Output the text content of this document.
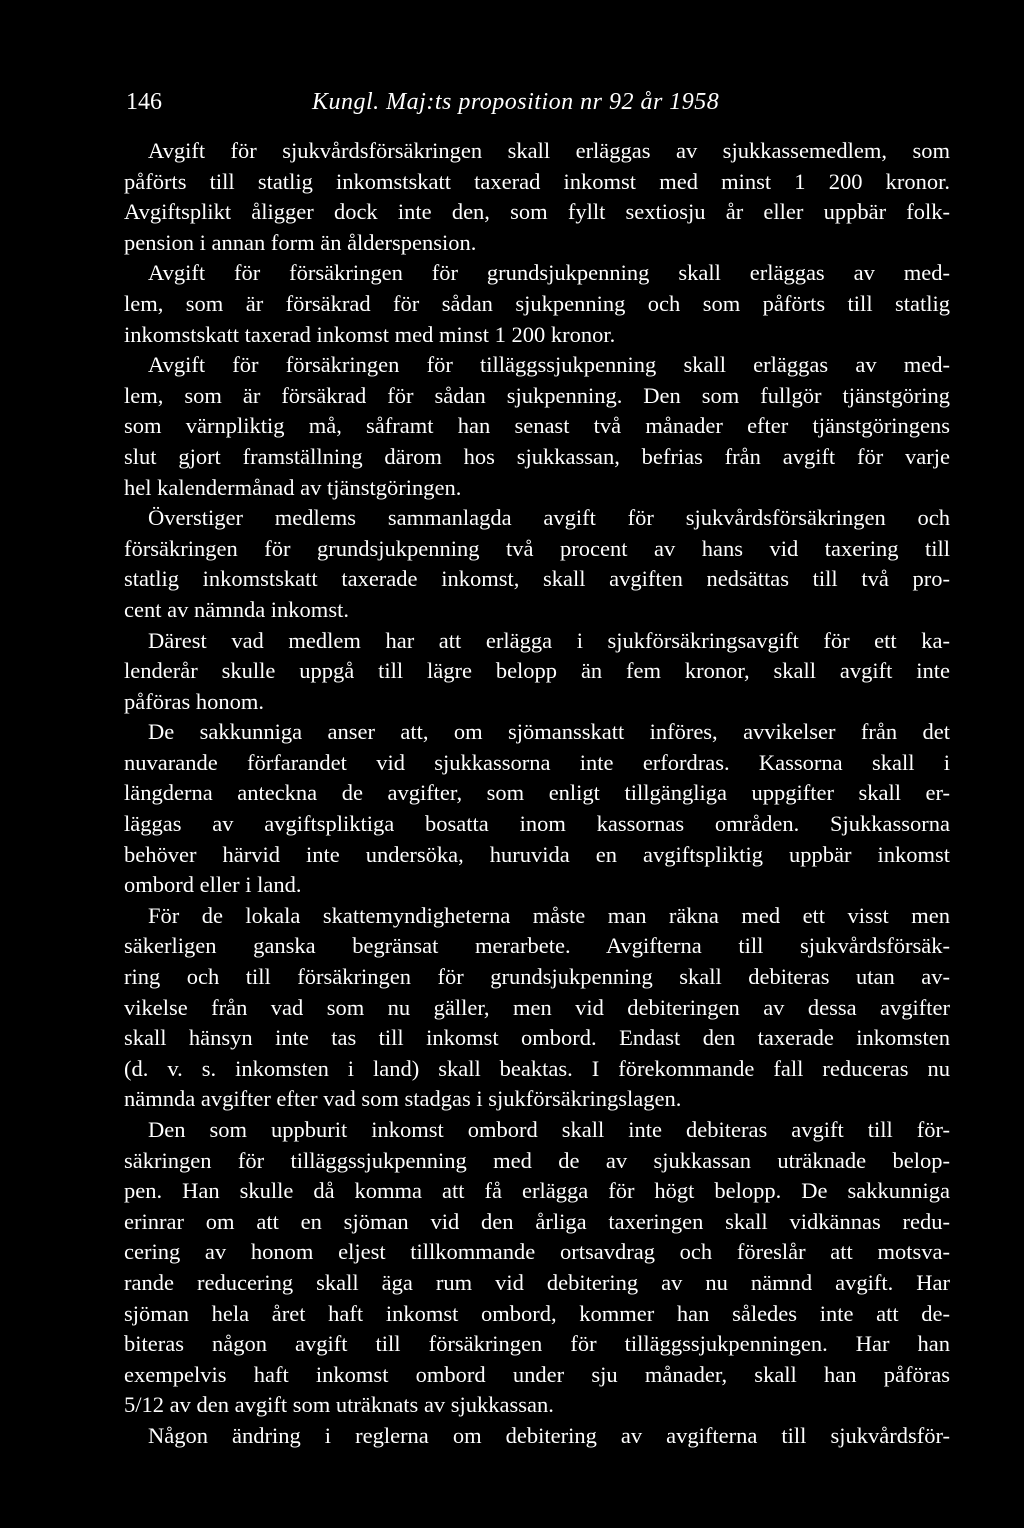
146	Kungl. Maj:ts proposition nr 92 år 1958
Avgift för sjukvårdsförsäkringen skall erläggas av sjukkassemedlem, som
påförts till statlig inkomstskatt taxerad inkomst med minst 1 200 kronor.
Avgiftsplikt åligger dock inte den, som fyllt sextiosju år eller uppbär folk-
pension i annan form än ålderspension.
Avgift för försäkringen för grundsjukpenning skall erläggas av med-
lem, som är försäkrad för sådan sjukpenning och som påförts till statlig
inkomstskatt taxerad inkomst med minst 1 200 kronor.
Avgift för försäkringen för tilläggssjukpenning skall erläggas av med-
lem, som är försäkrad för sådan sjukpenning. Den som fullgör tjänstgöring
som värnpliktig må, såframt han senast två månader efter tjänstgöringens
slut gjort framställning därom hos sjukkassan, befrias från avgift för varje
hel kalendermånad av tjänstgöringen.
Överstiger medlems sammanlagda avgift för sjukvårdsförsäkringen och
försäkringen för grundsjukpenning två procent av hans vid taxering till
statlig inkomstskatt taxerade inkomst, skall avgiften nedsättas till två pro-
cent av nämnda inkomst.
Därest vad medlem har att erlägga i sjukförsäkringsavgift för ett ka-
lenderår skulle uppgå till lägre belopp än fem kronor, skall avgift inte
påföras honom.
De sakkunniga anser att, om sjömansskatt införes, avvikelser från det
nuvarande förfarandet vid sjukkassorna inte erfordras. Kassorna skall i
längderna anteckna de avgifter, som enligt tillgängliga uppgifter skall er-
läggas av avgiftspliktiga bosatta inom kassornas områden. Sjukkassorna
behöver härvid inte undersöka, huruvida en avgiftspliktig uppbär inkomst
ombord eller i land.
För de lokala skattemyndigheterna måste man räkna med ett visst men
säkerligen ganska begränsat merarbete. Avgifterna till sjukvårdsförsäk-
ring och till försäkringen för grundsjukpenning skall debiteras utan av-
vikelse från vad som nu gäller, men vid debiteringen av dessa avgifter
skall hänsyn inte tas till inkomst ombord. Endast den taxerade inkomsten
(d. v. s. inkomsten i land) skall beaktas. I förekommande fall reduceras nu
nämnda avgifter efter vad som stadgas i sjukförsäkringslagen.
Den som uppburit inkomst ombord skall inte debiteras avgift till för-
säkringen för tilläggssjukpenning med de av sjukkassan uträknade belop-
pen. Han skulle då komma att få erlägga för högt belopp. De sakkunniga
erinrar om att en sjöman vid den årliga taxeringen skall vidkännas redu-
cering av honom eljest tillkommande ortsavdrag och föreslår att motsva-
rande reducering skall äga rum vid debitering av nu nämnd avgift. Har
sjöman hela året haft inkomst ombord, kommer han således inte att de-
biteras någon avgift till försäkringen för tilläggssjukpenningen. Har han
exempelvis haft inkomst ombord under sju månader, skall han påföras
5/12 av den avgift som uträknats av sjukkassan.
Någon ändring i reglerna om debitering av avgifterna till sjukvårdsför-
